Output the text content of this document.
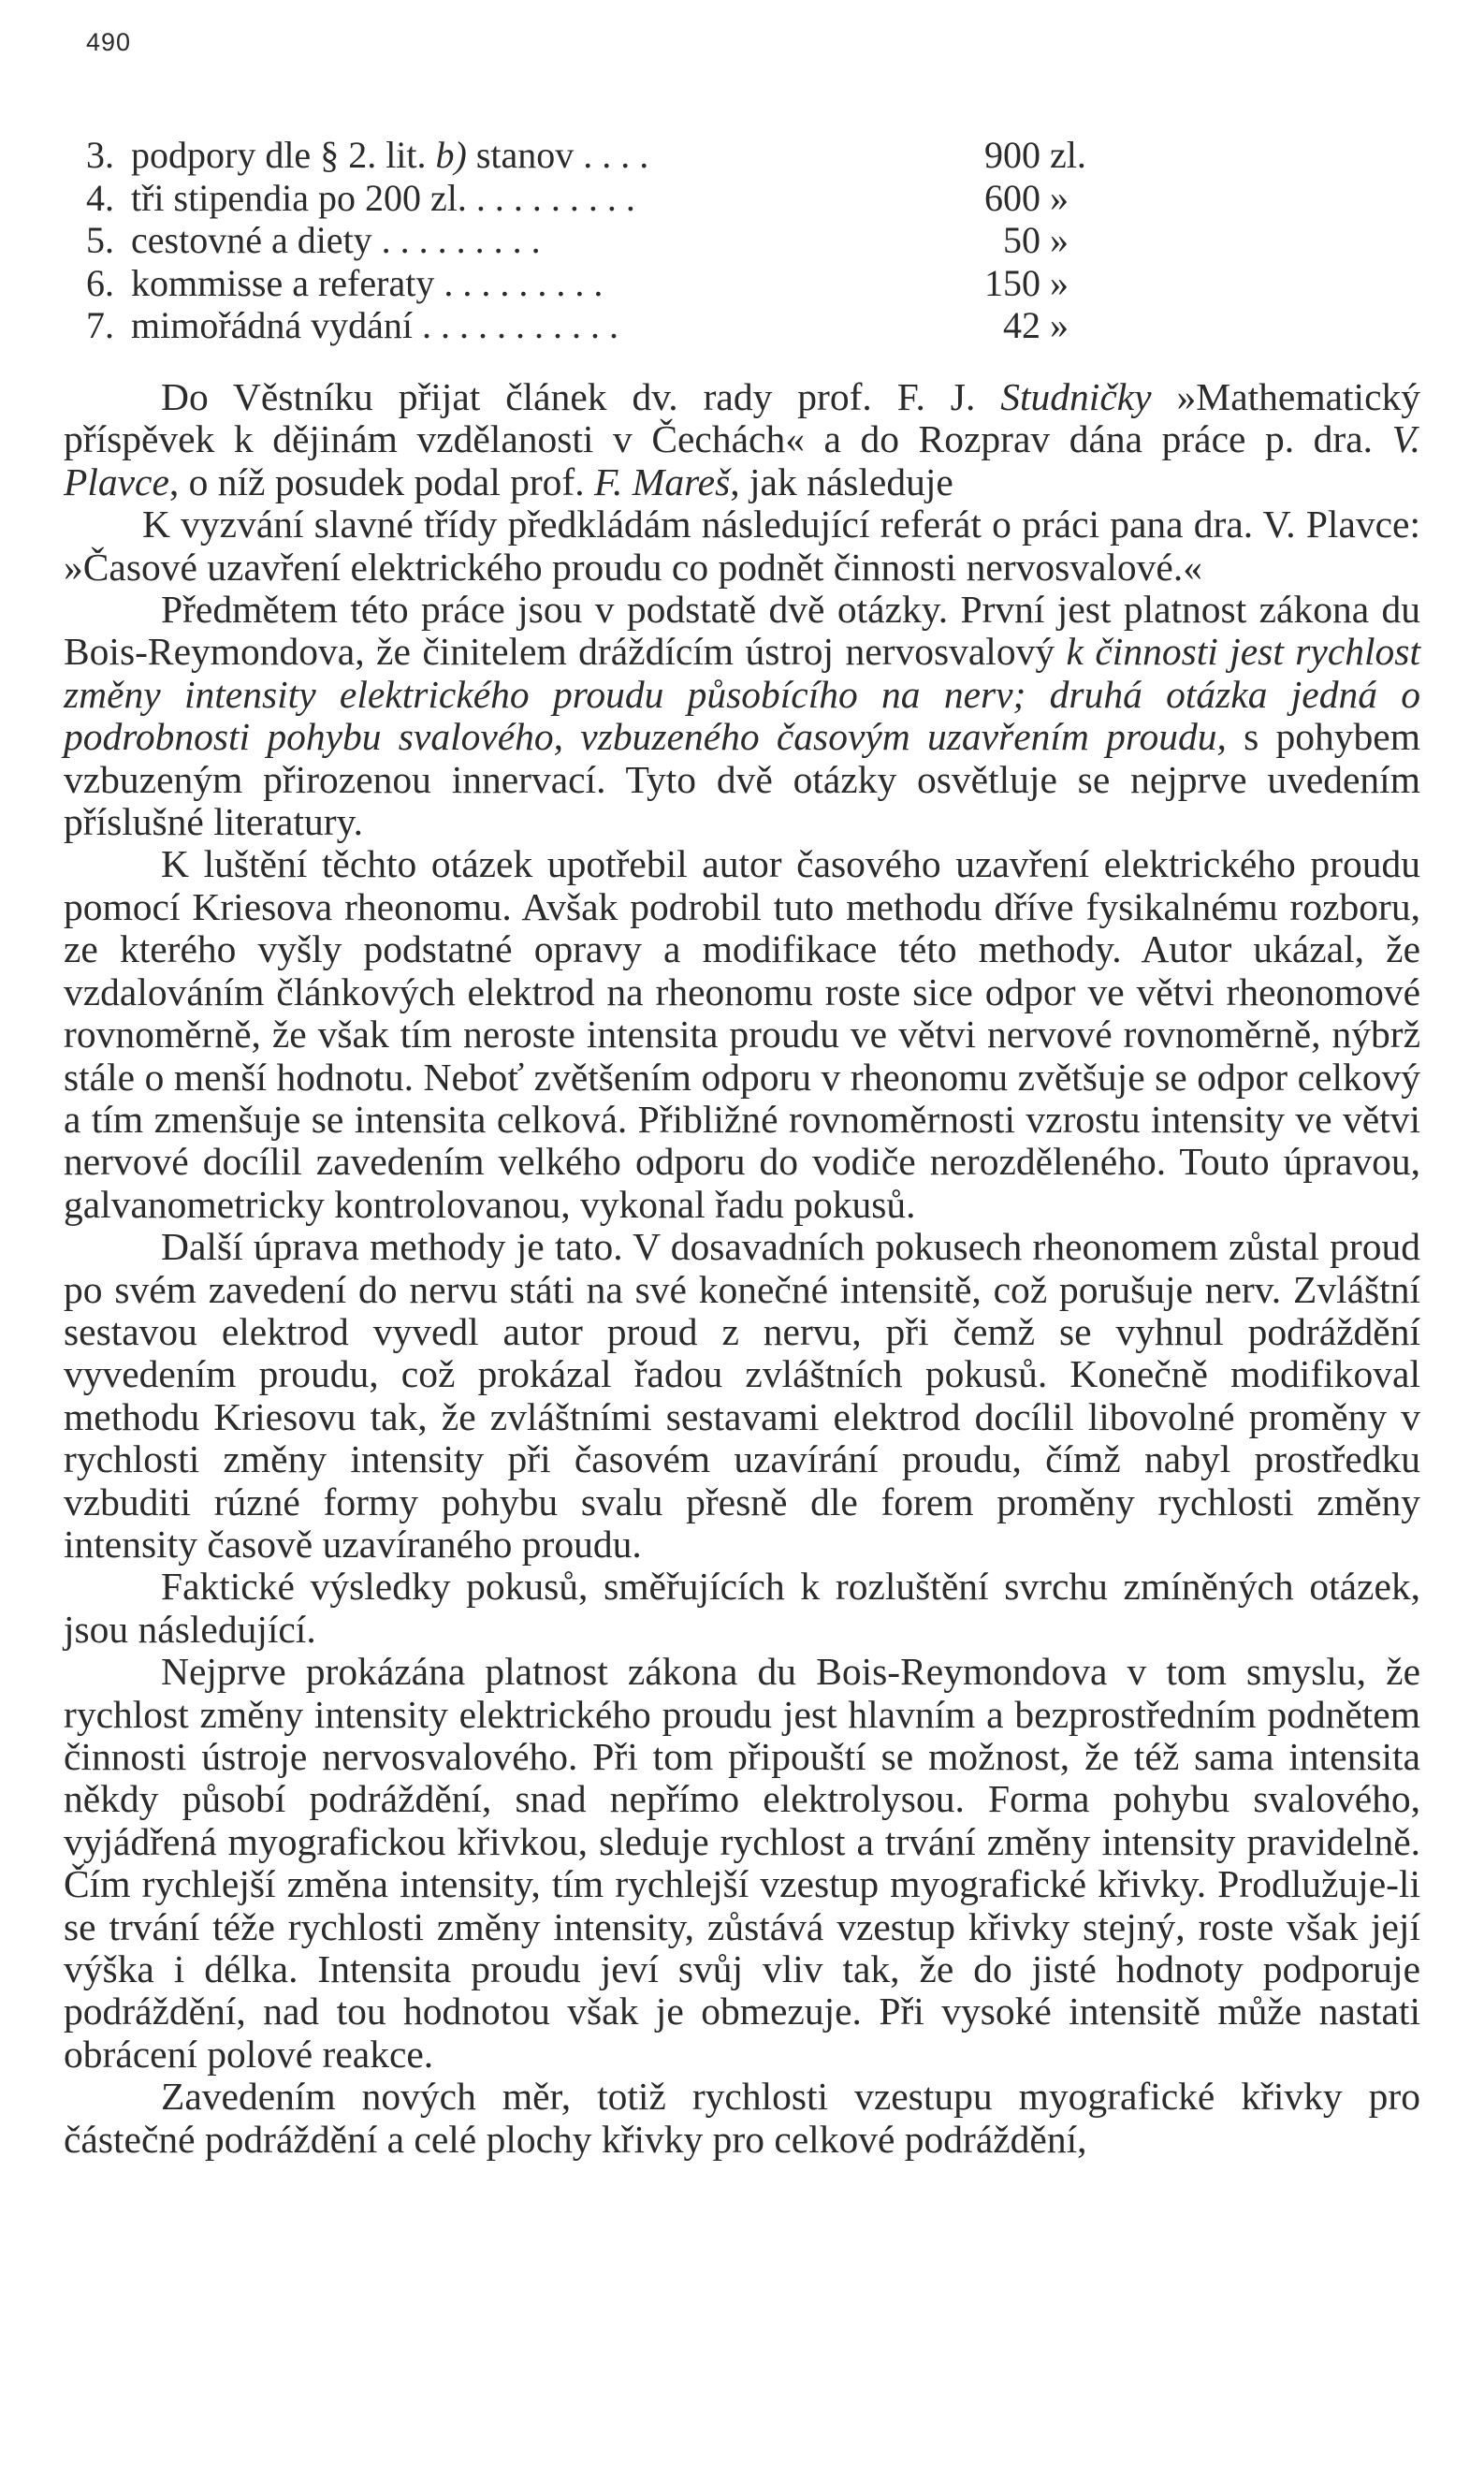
490
3. podpory dle § 2. lit. b) stanov . . . .	900 zl.
4. tři stipendia po 200 zl. . . . . . . . . .	600 »
5. cestovné a diety . . . . . . . . .	50 »
6. kommisse a referaty . . . . . . . . .	150 »
7. mimořádná vydání . . . . . . . . . . .	42 »

Do Věstníku přijat článek dv. rady prof. F. J. Studničky »Mathematický příspěvek k dějinám vzdělanosti v Čechách« a do Rozprav dána práce p. dra. V. Plavce, o níž posudek podal prof. F. Mareš, jak následuje

K vyzvání slavné třídy předkládám následující referát o práci pana dra. V. Plavce: »Časové uzavření elektrického proudu co podnět činnosti nervosvalové.«

Předmětem této práce jsou v podstatě dvě otázky. První jest platnost zákona du Bois-Reymondova, že činitelem dráždícím ústroj nervosvalový k činnosti jest rychlost změny intensity elektrického proudu působícího na nerv; druhá otázka jedná o podrobnosti pohybu svalového, vzbuzeného časovým uzavřením proudu, s pohybem vzbuzeným přirozenou innervací. Tyto dvě otázky osvětluje se nejprve uvedením příslušné literatury.

K luštění těchto otázek upotřebil autor časového uzavření elektrického proudu pomocí Kriesova rheonomu. Avšak podrobil tuto methodu dříve fysikalnému rozboru, ze kterého vyšly podstatné opravy a modifikace této methody. Autor ukázal, že vzdalováním článkových elektrod na rheonomu roste sice odpor ve větvi rheonomové rovnoměrně, že však tím neroste intensita proudu ve větvi nervové rovnoměrně, nýbrž stále o menší hodnotu. Neboť zvětšením odporu v rheonomu zvětšuje se odpor celkový a tím zmenšuje se intensita celková. Přibližné rovnoměrnosti vzrostu intensity ve větvi nervové docílil zavedením velkého odporu do vodiče nerozděleného. Touto úpravou, galvanometricky kontrolovanou, vykonal řadu pokusů.

Další úprava methody je tato. V dosavadních pokusech rheonomem zůstal proud po svém zavedení do nervu státi na své konečné intensitě, což porušuje nerv. Zvláštní sestavou elektrod vyvedl autor proud z nervu, při čemž se vyhnul podráždění vyvedením proudu, což prokázal řadou zvláštních pokusů. Konečně modifikoval methodu Kriesovu tak, že zvláštními sestavami elektrod docílil libovolné proměny v rychlosti změny intensity při časovém uzavírání proudu, čímž nabyl prostředku vzbuditi rúzné formy pohybu svalu přesně dle forem proměny rychlosti změny intensity časově uzavíraného proudu.

Faktické výsledky pokusů, směřujících k rozluštění svrchu zmíněných otázek, jsou následující.

Nejprve prokázána platnost zákona du Bois-Reymondova v tom smyslu, že rychlost změny intensity elektrického proudu jest hlavním a bezprostředním podnětem činnosti ústroje nervosvalového. Při tom připouští se možnost, že též sama intensita někdy působí podráždění, snad nepřímo elektrolysou. Forma pohybu svalového, vyjádřená myografickou křivkou, sleduje rychlost a trvání změny intensity pravidelně. Čím rychlejší změna intensity, tím rychlejší vzestup myografické křivky. Prodlužuje-li se trvání téže rychlosti změny intensity, zůstává vzestup křivky stejný, roste však její výška i délka. Intensita proudu jeví svůj vliv tak, že do jisté hodnoty podporuje podráždění, nad tou hodnotou však je obmezuje. Při vysoké intensitě může nastati obrácení polové reakce.

Zavedením nových měr, totiž rychlosti vzestupu myografické křivky pro částečné podráždění a celé plochy křivky pro celkové podráždění,
